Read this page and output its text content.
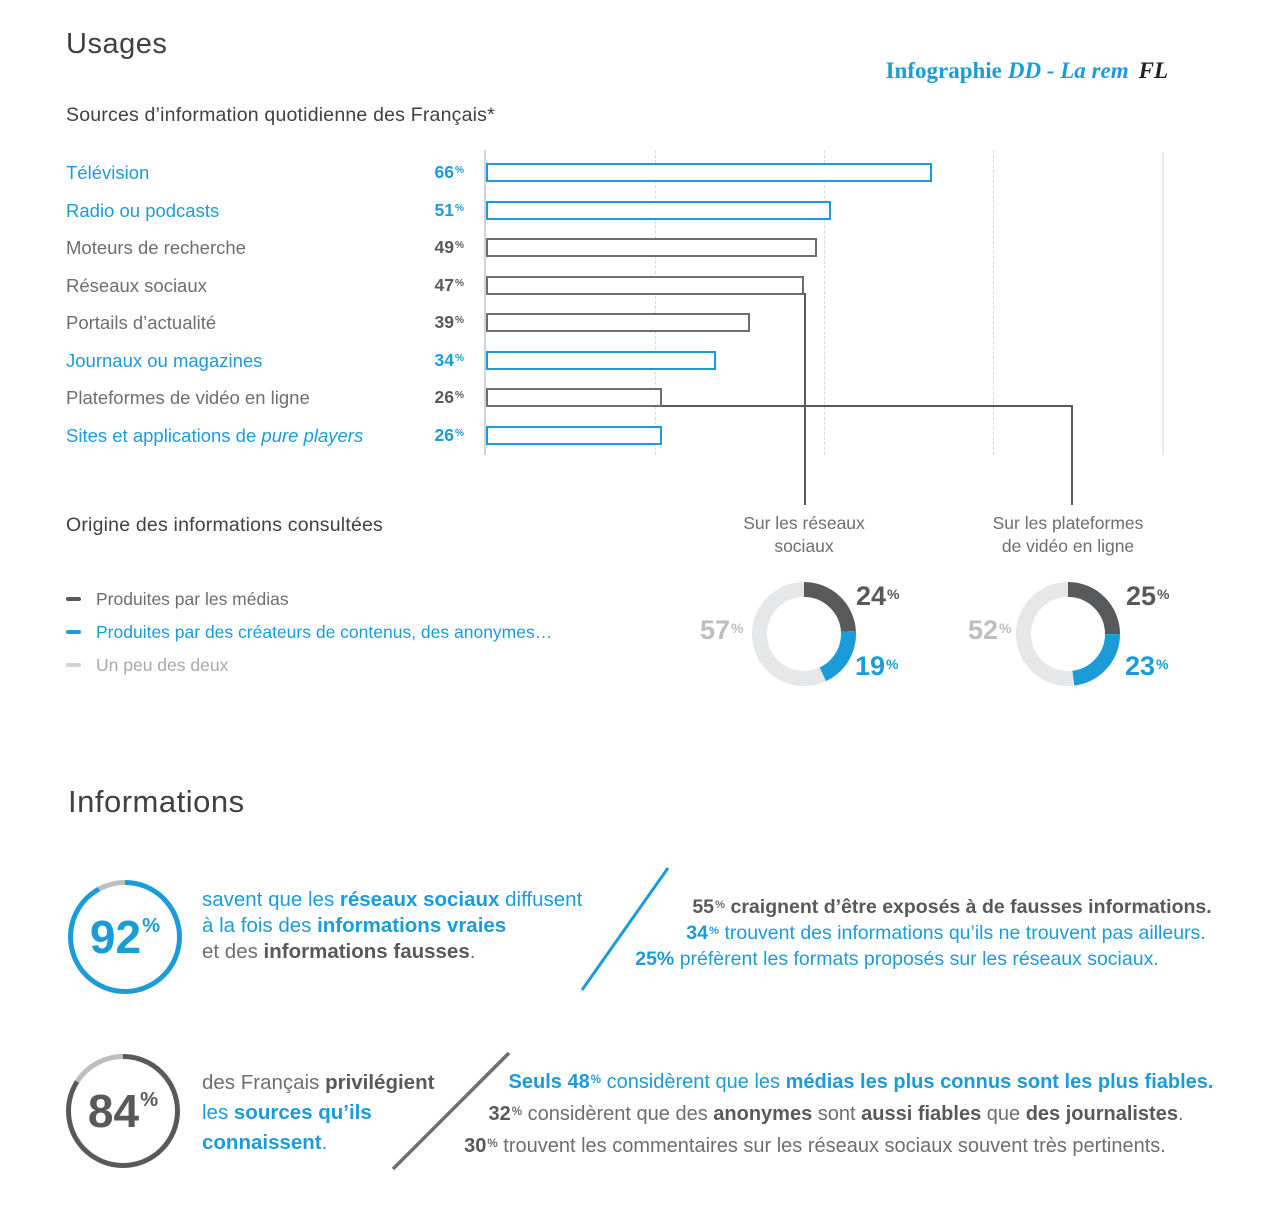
Usages
Infographie DD - La rem FL
Sources d’information quotidienne des Français*
Télévision	66%
Radio ou podcasts	51%
Moteurs de recherche	49%
Réseaux sociaux	47%
Portails d’actualité	39%
Journaux ou magazines	34%
Plateformes de vidéo en ligne	26%
Sites et applications de pure players	26%
Origine des informations consultées
Produites par les médias
Produites par des créateurs de contenus, des anonymes…
Un peu des deux
Sur les réseaux
sociaux
24%
19%
57%
Sur les plateformes
de vidéo en ligne
25%
23%
52%
Informations
92 %
savent que les réseaux sociaux diffusent
à la fois des informations vraies
et des informations fausses.
55% craignent d’être exposés à de fausses informations.
34% trouvent des informations qu’ils ne trouvent pas ailleurs.
25% préfèrent les formats proposés sur les réseaux sociaux.
84 %
des Français privilégient
les sources qu’ils
connaissent.
Seuls 48% considèrent que les médias les plus connus sont les plus fiables.
32% considèrent que des anonymes sont aussi fiables que des journalistes.
30% trouvent les commentaires sur les réseaux sociaux souvent très pertinents.
